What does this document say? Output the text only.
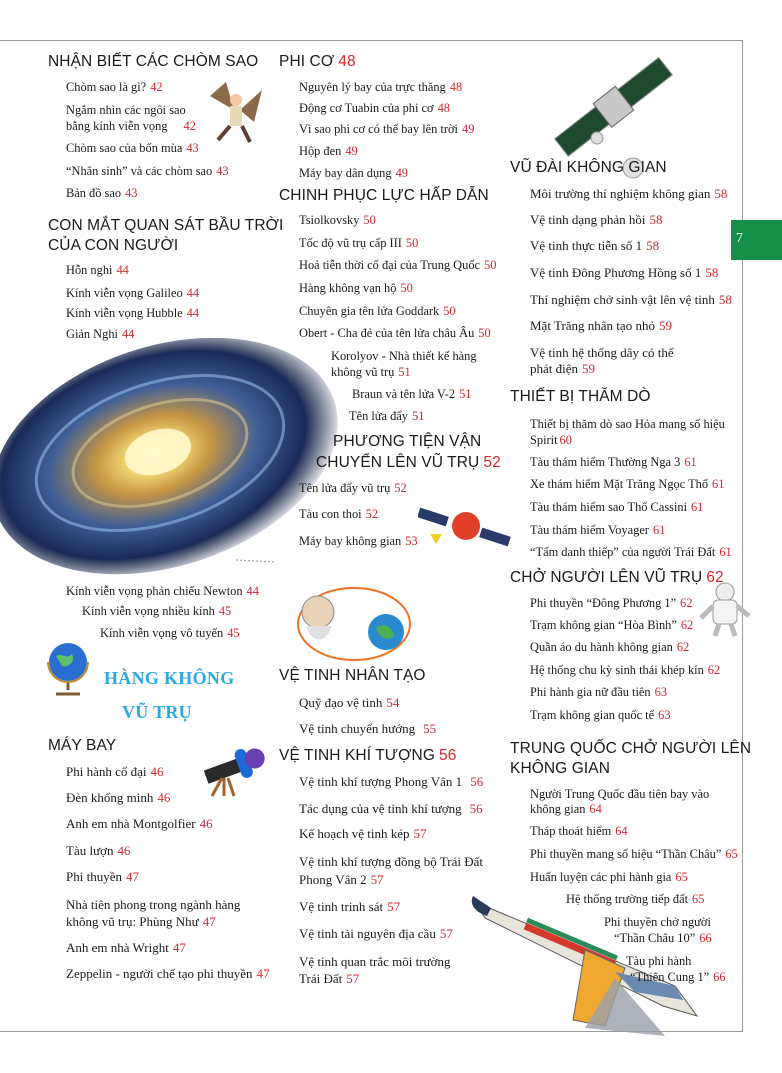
7
NHẬN BIẾT CÁC CHÒM SAO
Chòm sao là gì? 42
Ngắm nhìn các ngôi sao
bằng kính viễn vọng 42
Chòm sao của bốn mùa 43
“Nhân sinh” và các chòm sao 43
Bản đồ sao 43
CON MẮT QUAN SÁT BẦU TRỜI
CỦA CON NGƯỜI
Hỗn nghi 44
Kính viễn vọng Galileo 44
Kính viễn vọng Hubble 44
Giản Nghi 44
Kính viễn vọng phản chiếu Newton 44
Kính viễn vọng nhiều kính 45
Kính viễn vọng vô tuyến 45
HÀNG KHÔNG
VŨ TRỤ
MÁY BAY
Phi hành cổ đại 46
Đèn khổng minh 46
Anh em nhà Montgolfier 46
Tàu lượn 46
Phi thuyền 47
Nhà tiên phong trong ngành hàng
không vũ trụ: Phùng Như 47
Anh em nhà Wright 47
Zeppelin - người chế tạo phi thuyền 47
PHI CƠ 48
Nguyên lý bay của trực thăng 48
Động cơ Tuabin của phi cơ 48
Vì sao phi cơ có thể bay lên trời 49
Hộp đen 49
Máy bay dân dụng 49
CHINH PHỤC LỰC HẤP DẪN
Tsiolkovsky 50
Tốc độ vũ trụ cấp III 50
Hoả tiễn thời cổ đại của Trung Quốc 50
Hàng không vạn hộ 50
Chuyên gia tên lửa Goddark 50
Obert - Cha đẻ của tên lửa châu Âu 50
Korolyov - Nhà thiết kế hàng
không vũ trụ 51
Braun và tên lửa V-2 51
Tên lửa đẩy 51
PHƯƠNG TIỆN VẬN
CHUYỂN LÊN VŨ TRỤ 52
Tên lửa đẩy vũ trụ 52
Tàu con thoi 52
Máy bay không gian 53
VỆ TINH NHÂN TẠO
Quỹ đạo vệ tinh 54
Vệ tinh chuyển hướng 55
VỆ TINH KHÍ TƯỢNG 56
Vệ tinh khí tượng Phong Vân 1 56
Tác dụng của vệ tinh khí tượng 56
Kế hoạch vệ tinh kép 57
Vệ tinh khí tượng đồng bộ Trái Đất
Phong Vân 2 57
Vệ tinh trinh sát 57
Vệ tinh tài nguyên địa cầu 57
Vệ tinh quan trắc môi trường
Trái Đất 57
VŨ ĐÀI KHÔNG GIAN
Môi trường thí nghiệm không gian 58
Vệ tinh dạng phản hồi 58
Vệ tinh thực tiễn số 1 58
Vệ tinh Đông Phương Hồng số 1 58
Thí nghiệm chở sinh vật lên vệ tinh 58
Mặt Trăng nhân tạo nhỏ 59
Vệ tinh hệ thống dây có thể
phát điện 59
THIẾT BỊ THĂM DÒ
Thiết bị thăm dò sao Hỏa mang số hiệu
Spirit 60
Tàu thám hiểm Thường Nga 3 61
Xe thám hiểm Mặt Trăng Ngọc Thố 61
Tàu thám hiểm sao Thổ Cassini 61
Tàu thám hiểm Voyager 61
“Tấm danh thiếp” của người Trái Đất 61
CHỞ NGƯỜI LÊN VŨ TRỤ 62
Phi thuyền “Đông Phương 1” 62
Trạm không gian “Hòa Bình” 62
Quần áo du hành không gian 62
Hệ thống chu kỳ sinh thái khép kín 62
Phi hành gia nữ đầu tiên 63
Trạm không gian quốc tế 63
TRUNG QUỐC CHỞ NGƯỜI LÊN
KHÔNG GIAN
Người Trung Quốc đầu tiên bay vào
không gian 64
Tháp thoát hiểm 64
Phi thuyền mang số hiệu “Thần Châu” 65
Huấn luyện các phi hành gia 65
Hệ thống trường tiếp đất 65
Phi thuyền chở người
“Thần Châu 10” 66
Tàu phi hành
“Thiên Cung 1” 66
